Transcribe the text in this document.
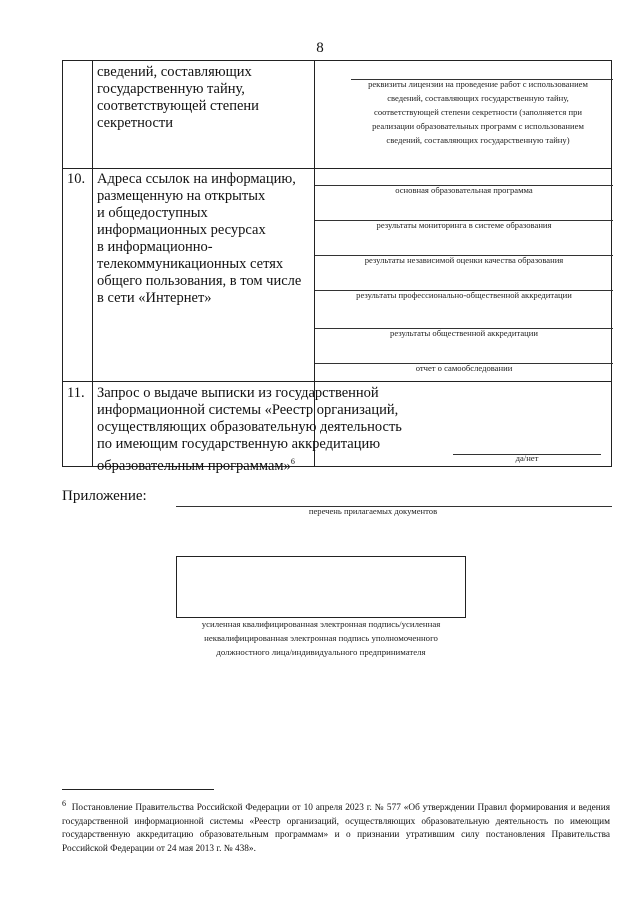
8
сведений, составляющих
государственную тайну,
соответствующей степени секретности
реквизиты лицензии на проведение работ с использованием
сведений, составляющих государственную тайну,
соответствующей степени секретности (заполняется при
реализации образовательных программ с использованием
сведений, составляющих государственную тайну)
10. Адреса ссылок на информацию,
размещенную на открытых
и общедоступных
информационных ресурсах
в информационно-
телекоммуникационных сетях
общего пользования, в том числе
в сети «Интернет»
основная образовательная программа
результаты мониторинга в системе образования
результаты независимой оценки качества образования
результаты профессионально-общественной аккредитации
результаты общественной аккредитации
отчет о самообследовании
11. Запрос о выдаче выписки из государственной
информационной системы «Реестр организаций,
осуществляющих образовательную деятельность
по имеющим государственную аккредитацию
образовательным программам»$^6$	да/нет
Приложение:
перечень прилагаемых документов
усиленная квалифицированная электронная подпись/усиленная
неквалифицированная электронная подпись уполномоченного
должностного лица/индивидуального предпринимателя
$^6$ Постановление Правительства Российской Федерации от 10 апреля 2023 г. № 577 «Об утверждении Правил формирования и ведения государственной информационной системы «Реестр организаций, осуществляющих образовательную деятельность по имеющим государственную аккредитацию образовательным программам» и о признании утратившим силу постановления Правительства Российской Федерации от 24 мая 2013 г. № 438».
